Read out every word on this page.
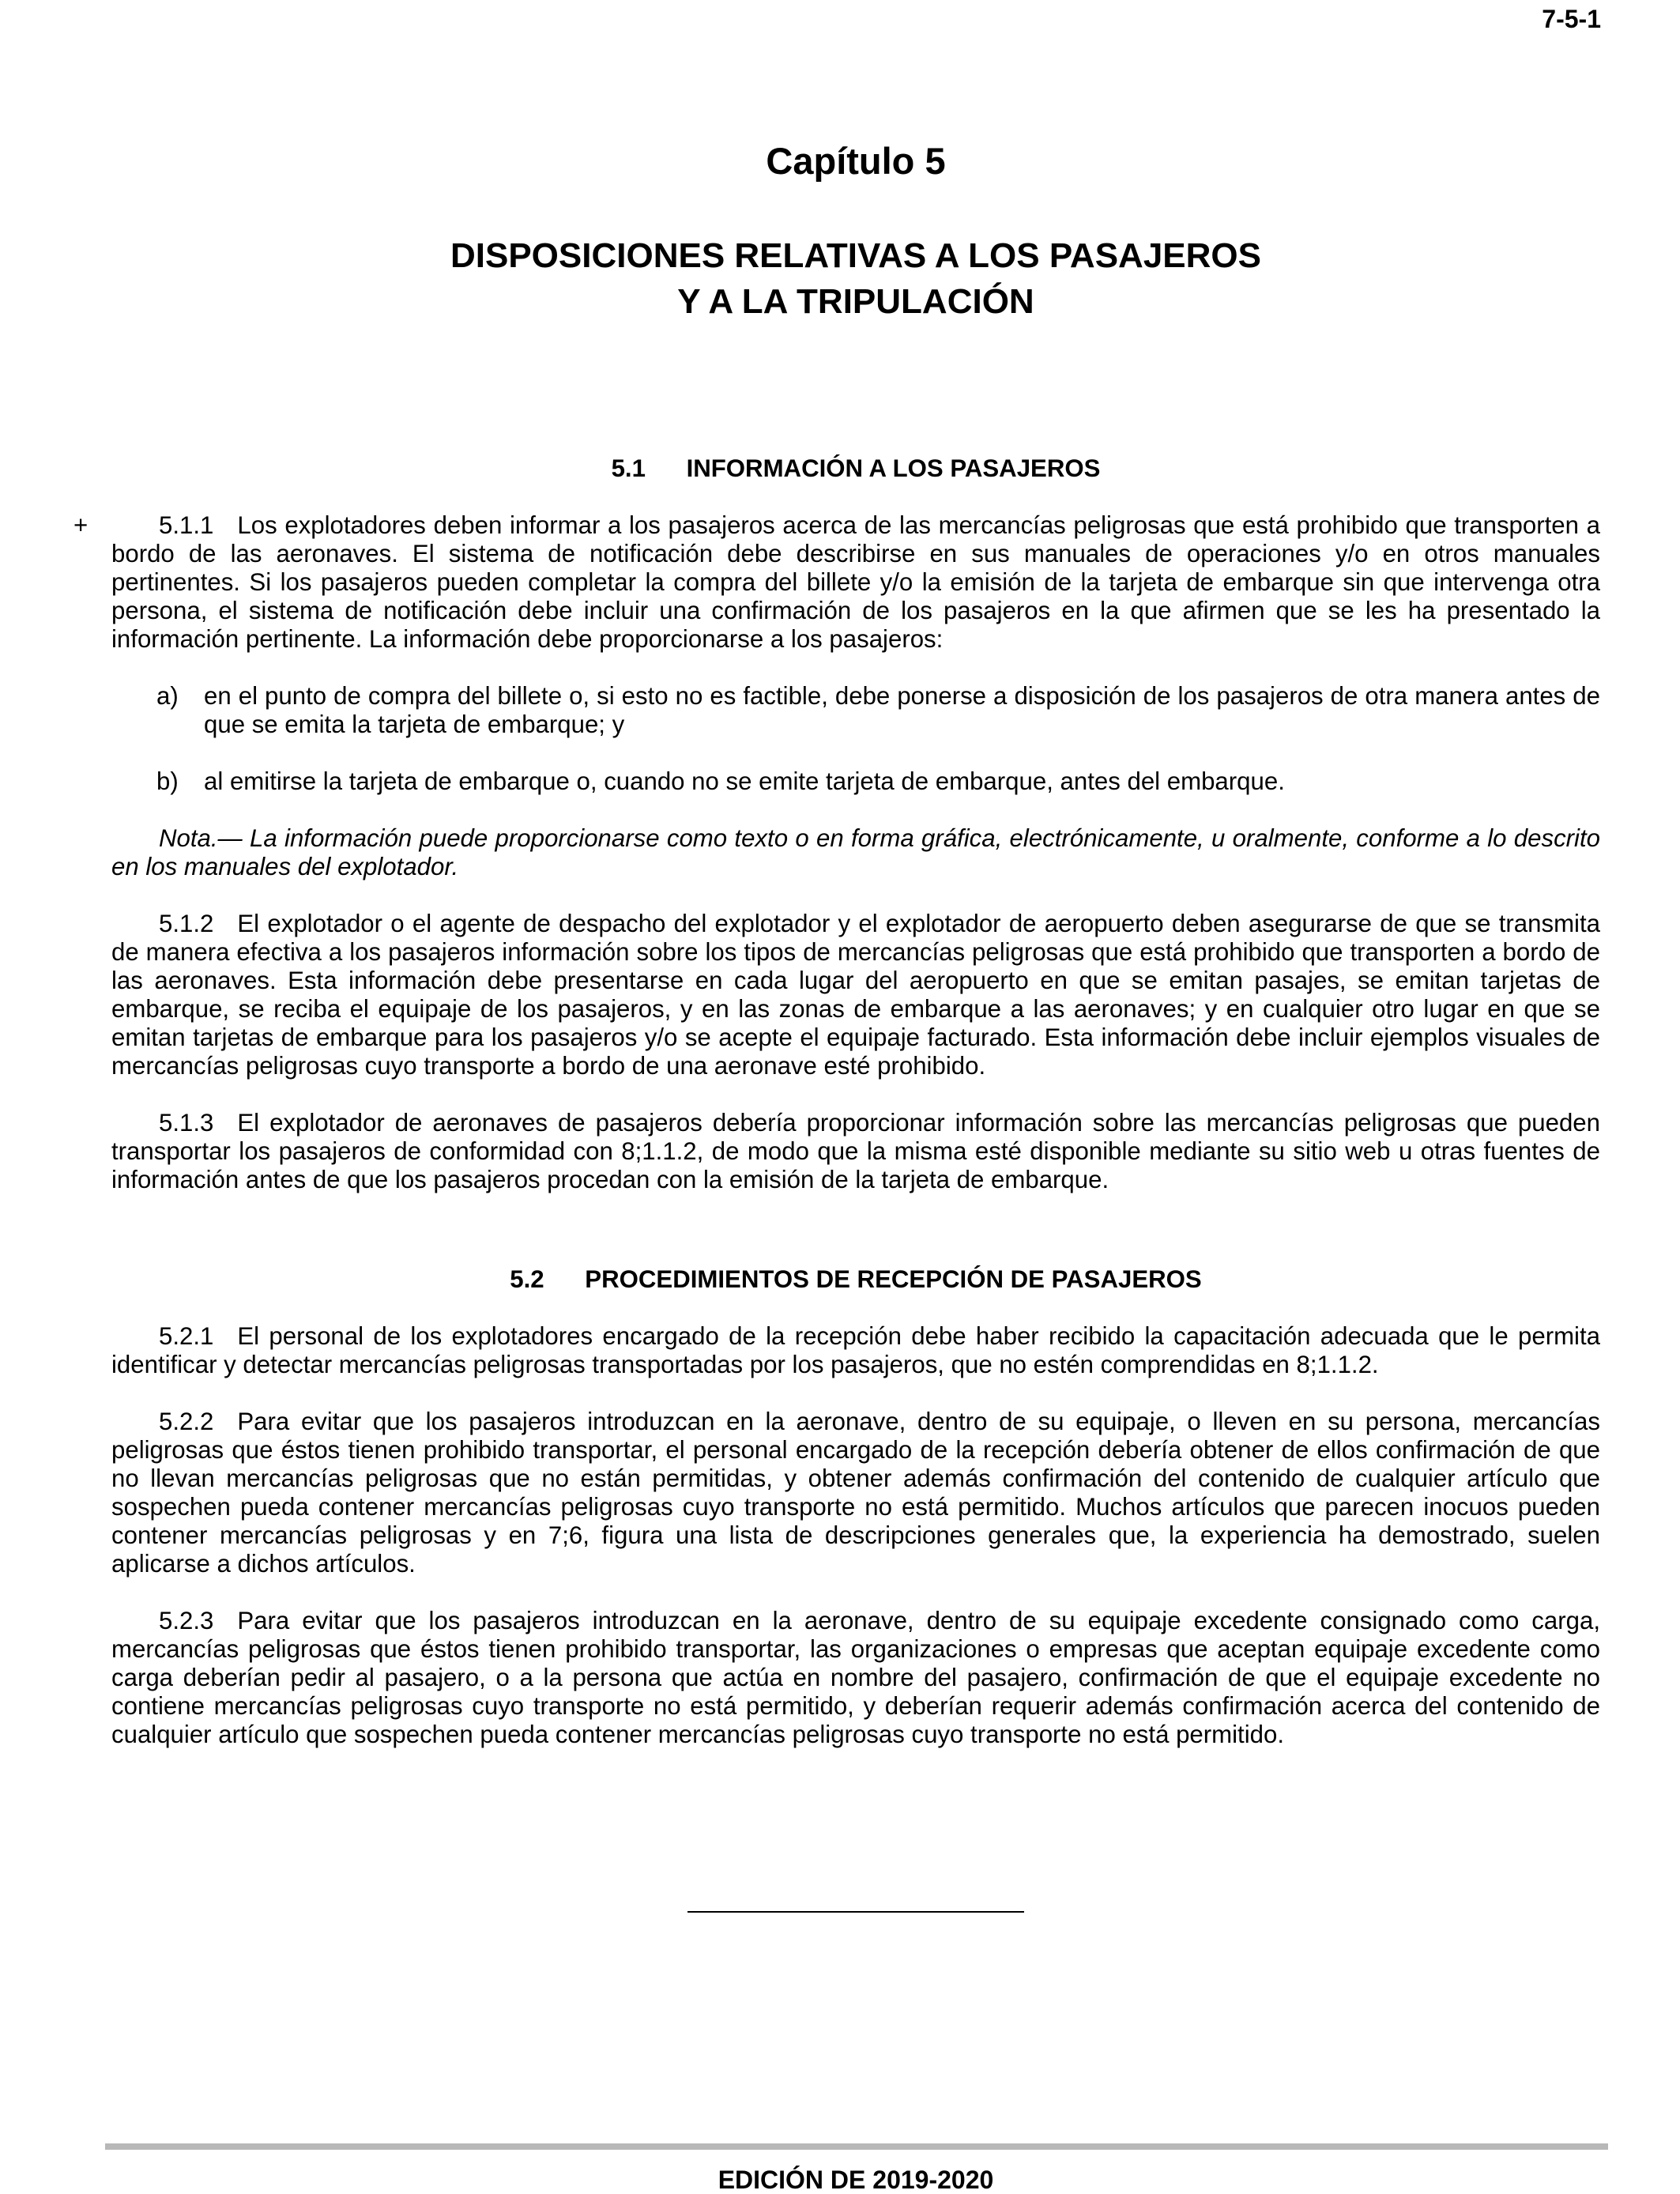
7-5-1
Capítulo 5
DISPOSICIONES RELATIVAS A LOS PASAJEROS
Y A LA TRIPULACIÓN
5.1 INFORMACIÓN A LOS PASAJEROS

+	5.1.1 Los explotadores deben informar a los pasajeros acerca de las mercancías peligrosas que está prohibido que transporten a bordo de las aeronaves. El sistema de notificación debe describirse en sus manuales de operaciones y/o en otros manuales pertinentes. Si los pasajeros pueden completar la compra del billete y/o la emisión de la tarjeta de embarque sin que intervenga otra persona, el sistema de notificación debe incluir una confirmación de los pasajeros en la que afirmen que se les ha presentado la información pertinente. La información debe proporcionarse a los pasajeros:

a) en el punto de compra del billete o, si esto no es factible, debe ponerse a disposición de los pasajeros de otra manera antes de que se emita la tarjeta de embarque; y

b) al emitirse la tarjeta de embarque o, cuando no se emite tarjeta de embarque, antes del embarque.

Nota.— La información puede proporcionarse como texto o en forma gráfica, electrónicamente, u oralmente, conforme a lo descrito en los manuales del explotador.

5.1.2 El explotador o el agente de despacho del explotador y el explotador de aeropuerto deben asegurarse de que se transmita de manera efectiva a los pasajeros información sobre los tipos de mercancías peligrosas que está prohibido que transporten a bordo de las aeronaves. Esta información debe presentarse en cada lugar del aeropuerto en que se emitan pasajes, se emitan tarjetas de embarque, se reciba el equipaje de los pasajeros, y en las zonas de embarque a las aeronaves; y en cualquier otro lugar en que se emitan tarjetas de embarque para los pasajeros y/o se acepte el equipaje facturado. Esta información debe incluir ejemplos visuales de mercancías peligrosas cuyo transporte a bordo de una aeronave esté prohibido.

5.1.3 El explotador de aeronaves de pasajeros debería proporcionar información sobre las mercancías peligrosas que pueden transportar los pasajeros de conformidad con 8;1.1.2, de modo que la misma esté disponible mediante su sitio web u otras fuentes de información antes de que los pasajeros procedan con la emisión de la tarjeta de embarque.

5.2 PROCEDIMIENTOS DE RECEPCIÓN DE PASAJEROS

5.2.1 El personal de los explotadores encargado de la recepción debe haber recibido la capacitación adecuada que le permita identificar y detectar mercancías peligrosas transportadas por los pasajeros, que no estén comprendidas en 8;1.1.2.

5.2.2 Para evitar que los pasajeros introduzcan en la aeronave, dentro de su equipaje, o lleven en su persona, mercancías peligrosas que éstos tienen prohibido transportar, el personal encargado de la recepción debería obtener de ellos confirmación de que no llevan mercancías peligrosas que no están permitidas, y obtener además confirmación del contenido de cualquier artículo que sospechen pueda contener mercancías peligrosas cuyo transporte no está permitido. Muchos artículos que parecen inocuos pueden contener mercancías peligrosas y en 7;6, figura una lista de descripciones generales que, la experiencia ha demostrado, suelen aplicarse a dichos artículos.

5.2.3 Para evitar que los pasajeros introduzcan en la aeronave, dentro de su equipaje excedente consignado como carga, mercancías peligrosas que éstos tienen prohibido transportar, las organizaciones o empresas que aceptan equipaje excedente como carga deberían pedir al pasajero, o a la persona que actúa en nombre del pasajero, confirmación de que el equipaje excedente no contiene mercancías peligrosas cuyo transporte no está permitido, y deberían requerir además confirmación acerca del contenido de cualquier artículo que sospechen pueda contener mercancías peligrosas cuyo transporte no está permitido.

EDICIÓN DE 2019-2020
